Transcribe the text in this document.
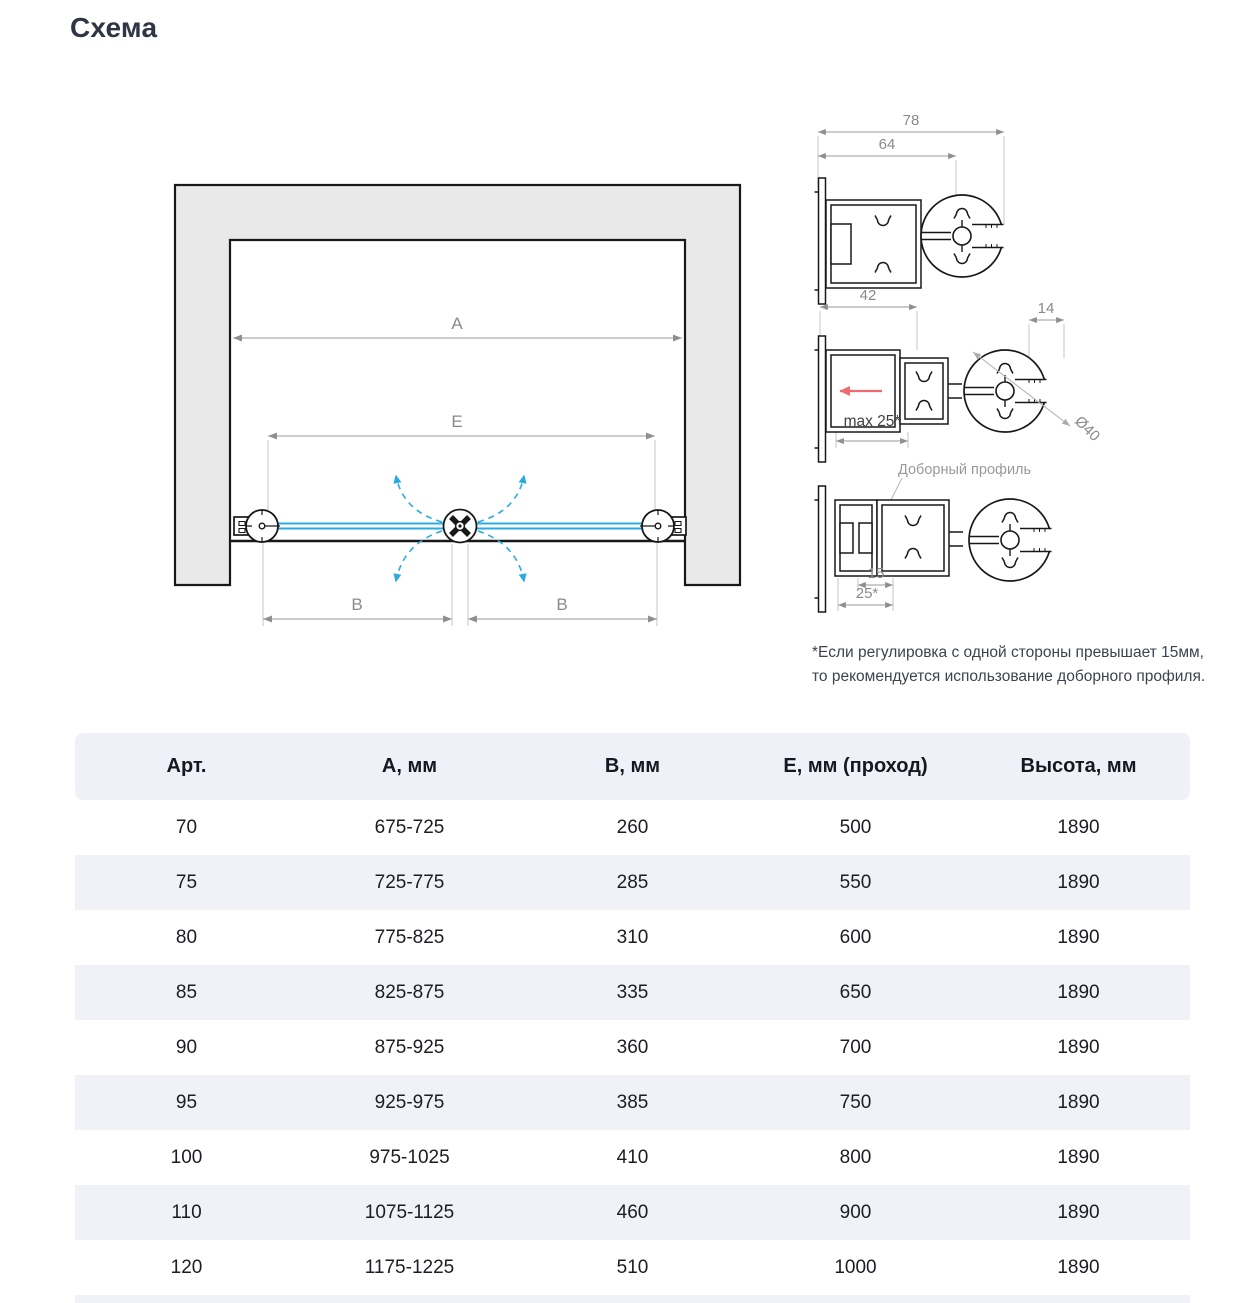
Схема
A
E
B	B
78
64
42
14
max 25*	Ø40
Доборный профиль
15
25*

*Если регулировка с одной стороны превышает 15мм,
то рекомендуется использование доборного профиля.

Арт.	А, мм	В, мм	Е, мм (проход)	Высота, мм
70	675-725	260	500	1890
75	725-775	285	550	1890
80	775-825	310	600	1890
85	825-875	335	650	1890
90	875-925	360	700	1890
95	925-975	385	750	1890
100	975-1025	410	800	1890
110	1075-1125	460	900	1890
120	1175-1225	510	1000	1890
